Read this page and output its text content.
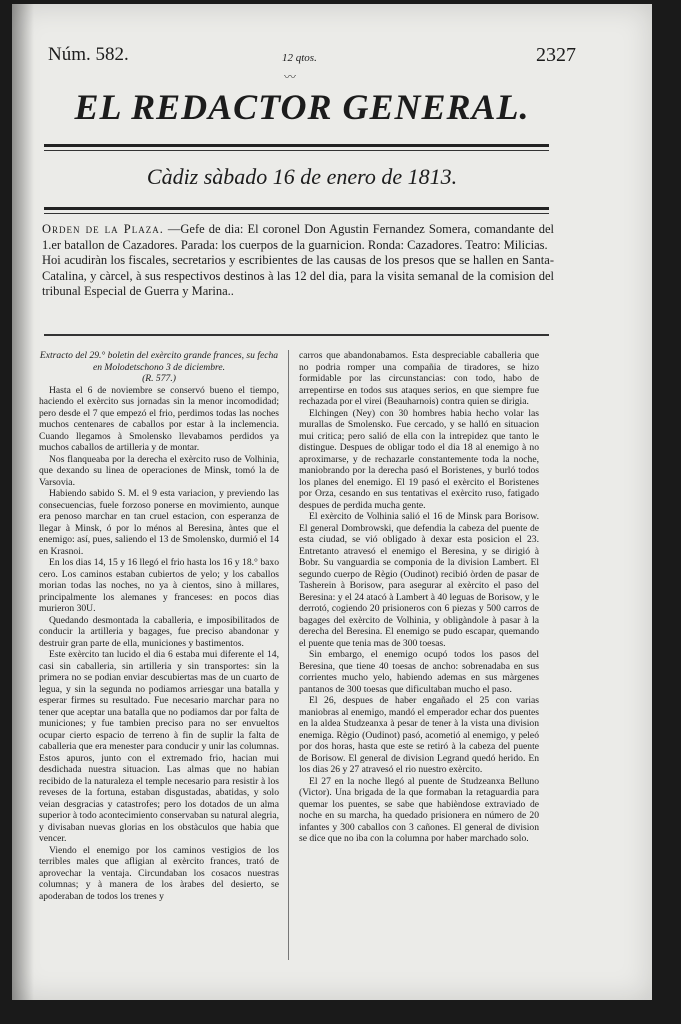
Núm. 582.	12 qtos.
〰
2327
EL REDACTOR GENERAL.
Càdiz sàbado 16 de enero de 1813.

Orden de la Plaza. —Gefe de dia: El coronel Don Agustin Fernandez Somera, comandante del 1.er batallon de Cazadores. Parada: los cuerpos de la guarnicion. Ronda: Cazadores. Teatro: Milicias.

Hoi acudiràn los fiscales, secretarios y escribientes de las causas de los presos que se hallen en Santa-Catalina, y càrcel, à sus respectivos destinos à las 12 del dia, para la visita semanal de la comision del tribunal Especial de Guerra y Marina..

Extracto del 29.° boletin del exèrcito grande frances, su fecha en Molodetschono 3 de diciembre.

(R. 577.)

Hasta el 6 de noviembre se conservó bueno el tiempo, haciendo el exèrcito sus jornadas sin la menor incomodidad; pero desde el 7 que empezó el frio, perdimos todas las noches muchos centenares de caballos por estar à la inclemencia. Cuando llegamos à Smolensko llevabamos perdidos ya muchos caballos de artilleria y de montar.

Nos flanqueaba por la derecha el exèrcito ruso de Volhinia, que dexando su linea de operaciones de Minsk, tomó la de Varsovia.

Habiendo sabido S. M. el 9 esta variacion, y previendo las consecuencias, fuele forzoso ponerse en movimiento, aunque era penoso marchar en tan cruel estacion, con esperanza de llegar à Minsk, ó por lo ménos al Beresina, àntes que el enemigo: así, pues, saliendo el 13 de Smolensko, durmió el 14 en Krasnoi.

En los dias 14, 15 y 16 llegó el frio hasta los 16 y 18.° baxo cero. Los caminos estaban cubiertos de yelo; y los caballos morian todas las noches, no ya à cientos, sino à millares, principalmente los alemanes y franceses: en pocos dias murieron 30U.

Quedando desmontada la caballeria, e imposibilitados de conducir la artilleria y bagages, fue preciso abandonar y destruir gran parte de ella, municiones y bastimentos.

Este exèrcito tan lucido el dia 6 estaba mui diferente el 14, casi sin caballeria, sin artilleria y sin transportes: sin la primera no se podian enviar descubiertas mas de un cuarto de legua, y sin la segunda no podiamos arriesgar una batalla y esperar firmes su resultado. Fue necesario marchar para no tener que aceptar una batalla que no podiamos dar por falta de municiones; y fue tambien preciso para no ser envueltos ocupar cierto espacio de terreno à fin de suplir la falta de caballeria que era menester para conducir y unir las columnas. Estos apuros, junto con el extremado frio, hacian mui desdichada nuestra situacion. Las almas que no habian recibido de la naturaleza el temple necesario para resistir à los reveses de la fortuna, estaban disgustadas, abatidas, y solo veian desgracias y catastrofes; pero los dotados de un alma superior à todo acontecimiento conservaban su natural alegria, y divisaban nuevas glorias en los obstàculos que habia que vencer.

Viendo el enemigo por los caminos vestigios de los terribles males que afligian al exèrcito frances, trató de aprovechar la ventaja. Circundaban los cosacos nuestras columnas; y à manera de los àrabes del desierto, se apoderaban de todos los trenes y

carros que abandonabamos. Esta despreciable caballeria que no podria romper una compañia de tiradores, se hizo formidable por las circunstancias: con todo, habo de arrepentirse en todos sus ataques serios, en que siempre fue rechazada por el virei (Beauharnois) contra quien se dirigia.

Elchingen (Ney) con 30 hombres habia hecho volar las murallas de Smolensko. Fue cercado, y se halló en situacion mui critica; pero salió de ella con la intrepidez que tanto le distingue. Despues de obligar todo el dia 18 al enemigo à no aproximarse, y de rechazarle constantemente toda la noche, maniobrando por la derecha pasó el Boristenes, y burló todos los planes del enemigo. El 19 pasó el exèrcito el Boristenes por Orza, cesando en sus tentativas el exèrcito ruso, fatigado despues de perdida mucha gente.

El exèrcito de Volhinia salió el 16 de Minsk para Borisow. El general Dombrowski, que defendia la cabeza del puente de esta ciudad, se vió obligado à dexar esta posicion el 23. Entretanto atravesó el enemigo el Beresina, y se dirigió à Bobr. Su vanguardia se componia de la division Lambert. El segundo cuerpo de Règio (Oudinot) recibió òrden de pasar de Tasherein à Borisow, para asegurar al exèrcito el paso del Beresina: y el 24 atacó à Lambert à 40 leguas de Borisow, y le derrotó, cogiendo 20 prisioneros con 6 piezas y 500 carros de bagages del exèrcito de Volhinia, y obligàndole à pasar à la derecha del Beresina. El enemigo se pudo escapar, quemando el puente que tenia mas de 300 toesas.

Sin embargo, el enemigo ocupó todos los pasos del Beresina, que tiene 40 toesas de ancho: sobrenadaba en sus corrientes mucho yelo, habiendo ademas en sus màrgenes pantanos de 300 toesas que dificultaban mucho el paso.

El 26, despues de haber engañado el 25 con varias maniobras al enemigo, mandó el emperador echar dos puentes en la aldea Studzeanxa à pesar de tener à la vista una division enemiga. Règio (Oudinot) pasó, acometió al enemigo, y peleó por dos horas, hasta que este se retiró à la cabeza del puente de Borisow. El general de division Legrand quedó herido. En los dias 26 y 27 atravesó el rio nuestro exèrcito.

El 27 en la noche llegó al puente de Studzeanxa Belluno (Victor). Una brigada de la que formaban la retaguardia para quemar los puentes, se sabe que habièndose extraviado de noche en su marcha, ha quedado prisionera en número de 20 infantes y 300 caballos con 3 cañones. El general de division se dice que no iba con la columna por haber marchado solo.
